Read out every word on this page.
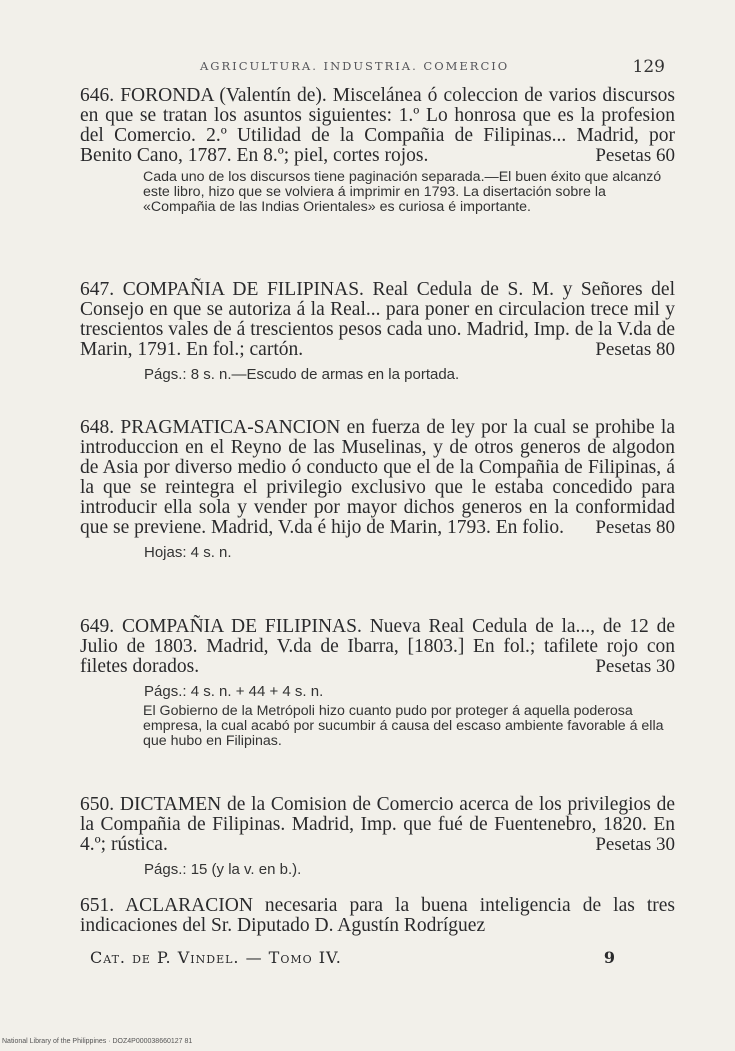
AGRICULTURA. INDUSTRIA. COMERCIO	129

646. FORONDA (Valentín de). Miscelánea ó coleccion de varios discursos en que se tratan los asuntos siguientes: 1.º Lo honrosa que es la profesion del Comercio. 2.º Utilidad de la Compañia de Filipinas... Madrid, por Benito Cano, 1787. En 8.º; piel, cortes rojos.	Pesetas 60

Cada uno de los discursos tiene paginación separada.—El buen éxito que alcanzó este libro, hizo que se volviera á imprimir en 1793. La disertación sobre la «Compañia de las Indias Orientales» es curiosa é importante.

647. COMPAÑIA DE FILIPINAS. Real Cedula de S. M. y Señores del Consejo en que se autoriza á la Real... para poner en circulacion trece mil y trescientos vales de á trescientos pesos cada uno. Madrid, Imp. de la V.da de Marin, 1791. En fol.; cartón.	Pesetas 80

Págs.: 8 s. n.—Escudo de armas en la portada.

648. PRAGMATICA-SANCION en fuerza de ley por la cual se prohibe la introduccion en el Reyno de las Muselinas, y de otros generos de algodon de Asia por diverso medio ó conducto que el de la Compañia de Filipinas, á la que se reintegra el privilegio exclusivo que le estaba concedido para introducir ella sola y vender por mayor dichos generos en la conformidad que se previene. Madrid, V.da é hijo de Marin, 1793. En folio. Pesetas 80

Hojas: 4 s. n.

649. COMPAÑIA DE FILIPINAS. Nueva Real Cedula de la..., de 12 de Julio de 1803. Madrid, V.da de Ibarra, [1803.] En fol.; tafilete rojo con filetes dorados.	Pesetas 30

Págs.: 4 s. n. + 44 + 4 s. n.
El Gobierno de la Metrópoli hizo cuanto pudo por proteger á aquella poderosa empresa, la cual acabó por sucumbir á causa del escaso ambiente favorable á ella que hubo en Filipinas.

650. DICTAMEN de la Comision de Comercio acerca de los privilegios de la Compañia de Filipinas. Madrid, Imp. que fué de Fuentenebro, 1820. En 4.º; rústica.	Pesetas 30

Págs.: 15 (y la v. en b.).

651. ACLARACION necesaria para la buena inteligencia de las tres indicaciones del Sr. Diputado D. Agustín Rodríguez

Cat. de P. Vindel. — Tomo IV.	9
National Library of the Philippines · DOZ4P000038660127 81
